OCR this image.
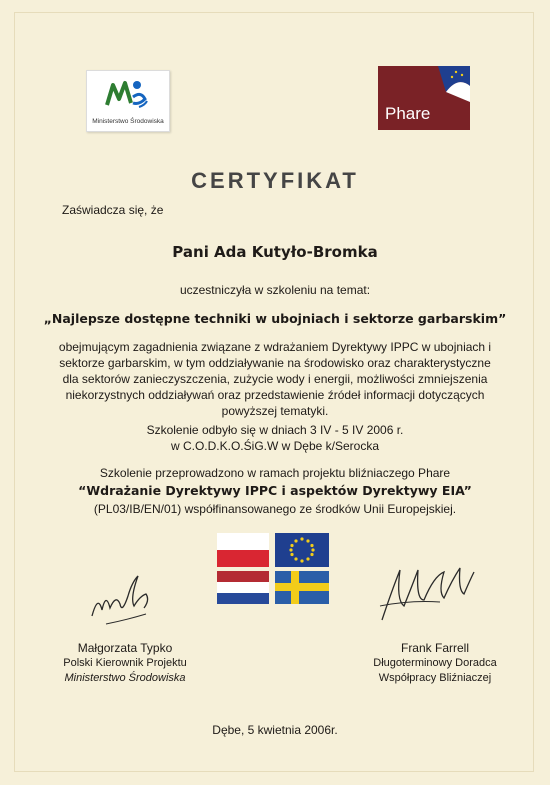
Ministerstwo Środowiska	Phare
CERTYFIKAT
Zaświadcza się, że
Pani Ada Kutyło-Bromka
uczestniczyła w szkoleniu na temat:
„Najlepsze dostępne techniki w ubojniach i sektorze garbarskim”
obejmującym zagadnienia związane z wdrażaniem Dyrektywy IPPC w ubojniach i
sektorze garbarskim, w tym oddziaływanie na środowisko oraz charakterystyczne
dla sektorów zanieczyszczenia, zużycie wody i energii, możliwości zmniejszenia
niekorzystnych oddziaływań oraz przedstawienie źródeł informacji dotyczących
powyższej tematyki.
Szkolenie odbyło się w dniach 3 IV - 5 IV 2006 r.
w C.O.D.K.O.ŚiG.W w Dębe k/Serocka
Szkolenie przeprowadzono w ramach projektu bliźniaczego Phare
“Wdrażanie Dyrektywy IPPC i aspektów Dyrektywy EIA”
(PL03/IB/EN/01) współfinansowanego ze środków Unii Europejskiej.
Małgorzata Typko
Polski Kierownik Projektu
Ministerstwo Środowiska
Frank Farrell
Długoterminowy Doradca
Współpracy Bliźniaczej
Dębe, 5 kwietnia 2006r.
